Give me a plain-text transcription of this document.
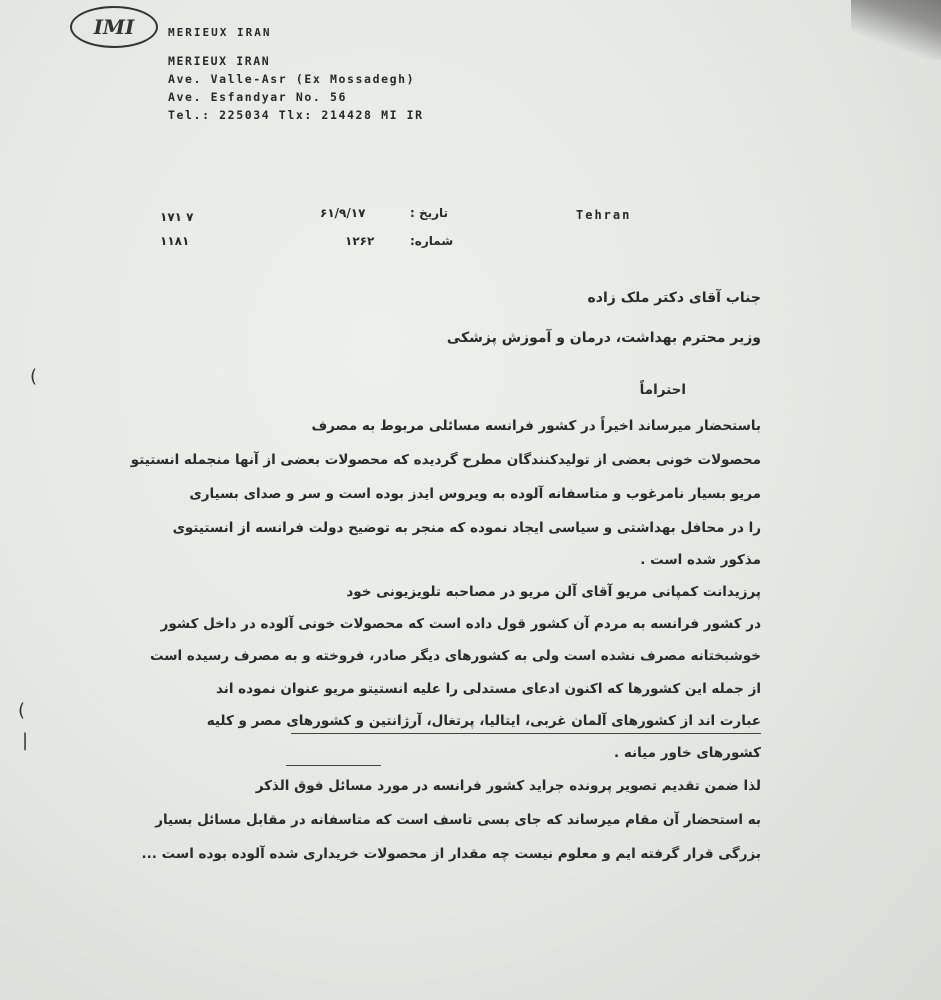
IMI	MERIEUX IRAN
MERIEUX IRAN
Ave. Valle-Asr (Ex Mossadegh)
Ave. Esfandyar No. 56
Tel.: 225034 Tlx: 214428 MI IR
Tehran
تاریخ :
۶۱/۹/۱۷
شماره:
۱۲۶۲
۷ ۱۷۱
۱۱۸۱
جناب آقای دکتر ملک زاده
وزیر محترم بهداشت، درمان و آموزش پزشکی
احتراماً
باستحضار میرساند اخیراً در کشور فرانسه مسائلی مربوط به مصرف
محصولات خونی بعضی از تولیدکنندگان مطرح گردیده که محصولات بعضی از آنها منجمله انستیتو
مریو بسیار نامرغوب و متاسفانه آلوده به ویروس ایدز بوده است و سر و صدای بسیاری
را در محافل بهداشتی و سیاسی ایجاد نموده که منجر به توضیح دولت فرانسه از انستیتوی
مذکور شده است .
پرزیدانت کمپانی مریو آقای آلن مریو در مصاحبه تلویزیونی خود
در کشور فرانسه به مردم آن کشور قول داده است که محصولات خونی آلوده در داخل کشور
خوشبختانه مصرف نشده است ولی به کشورهای دیگر صادر، فروخته و به مصرف رسیده است
از جمله این کشورها که اکنون ادعای مستدلی را علیه انستیتو مریو عنوان نموده اند
عبارت اند از کشورهای آلمان غربی، ایتالیا، پرتغال، آرژانتین و کشورهای مصر و کلیه
کشورهای خاور میانه .
لذا ضمن تقدیم تصویر پرونده جراید کشور فرانسه در مورد مسائل فوق الذکر
به استحضار آن مقام میرساند که جای بسی تاسف است که متاسفانه در مقابل مسائل بسیار
بزرگی قرار گرفته ایم و معلوم نیست چه مقدار از محصولات خریداری شده آلوده بوده است ...
(
(
|
